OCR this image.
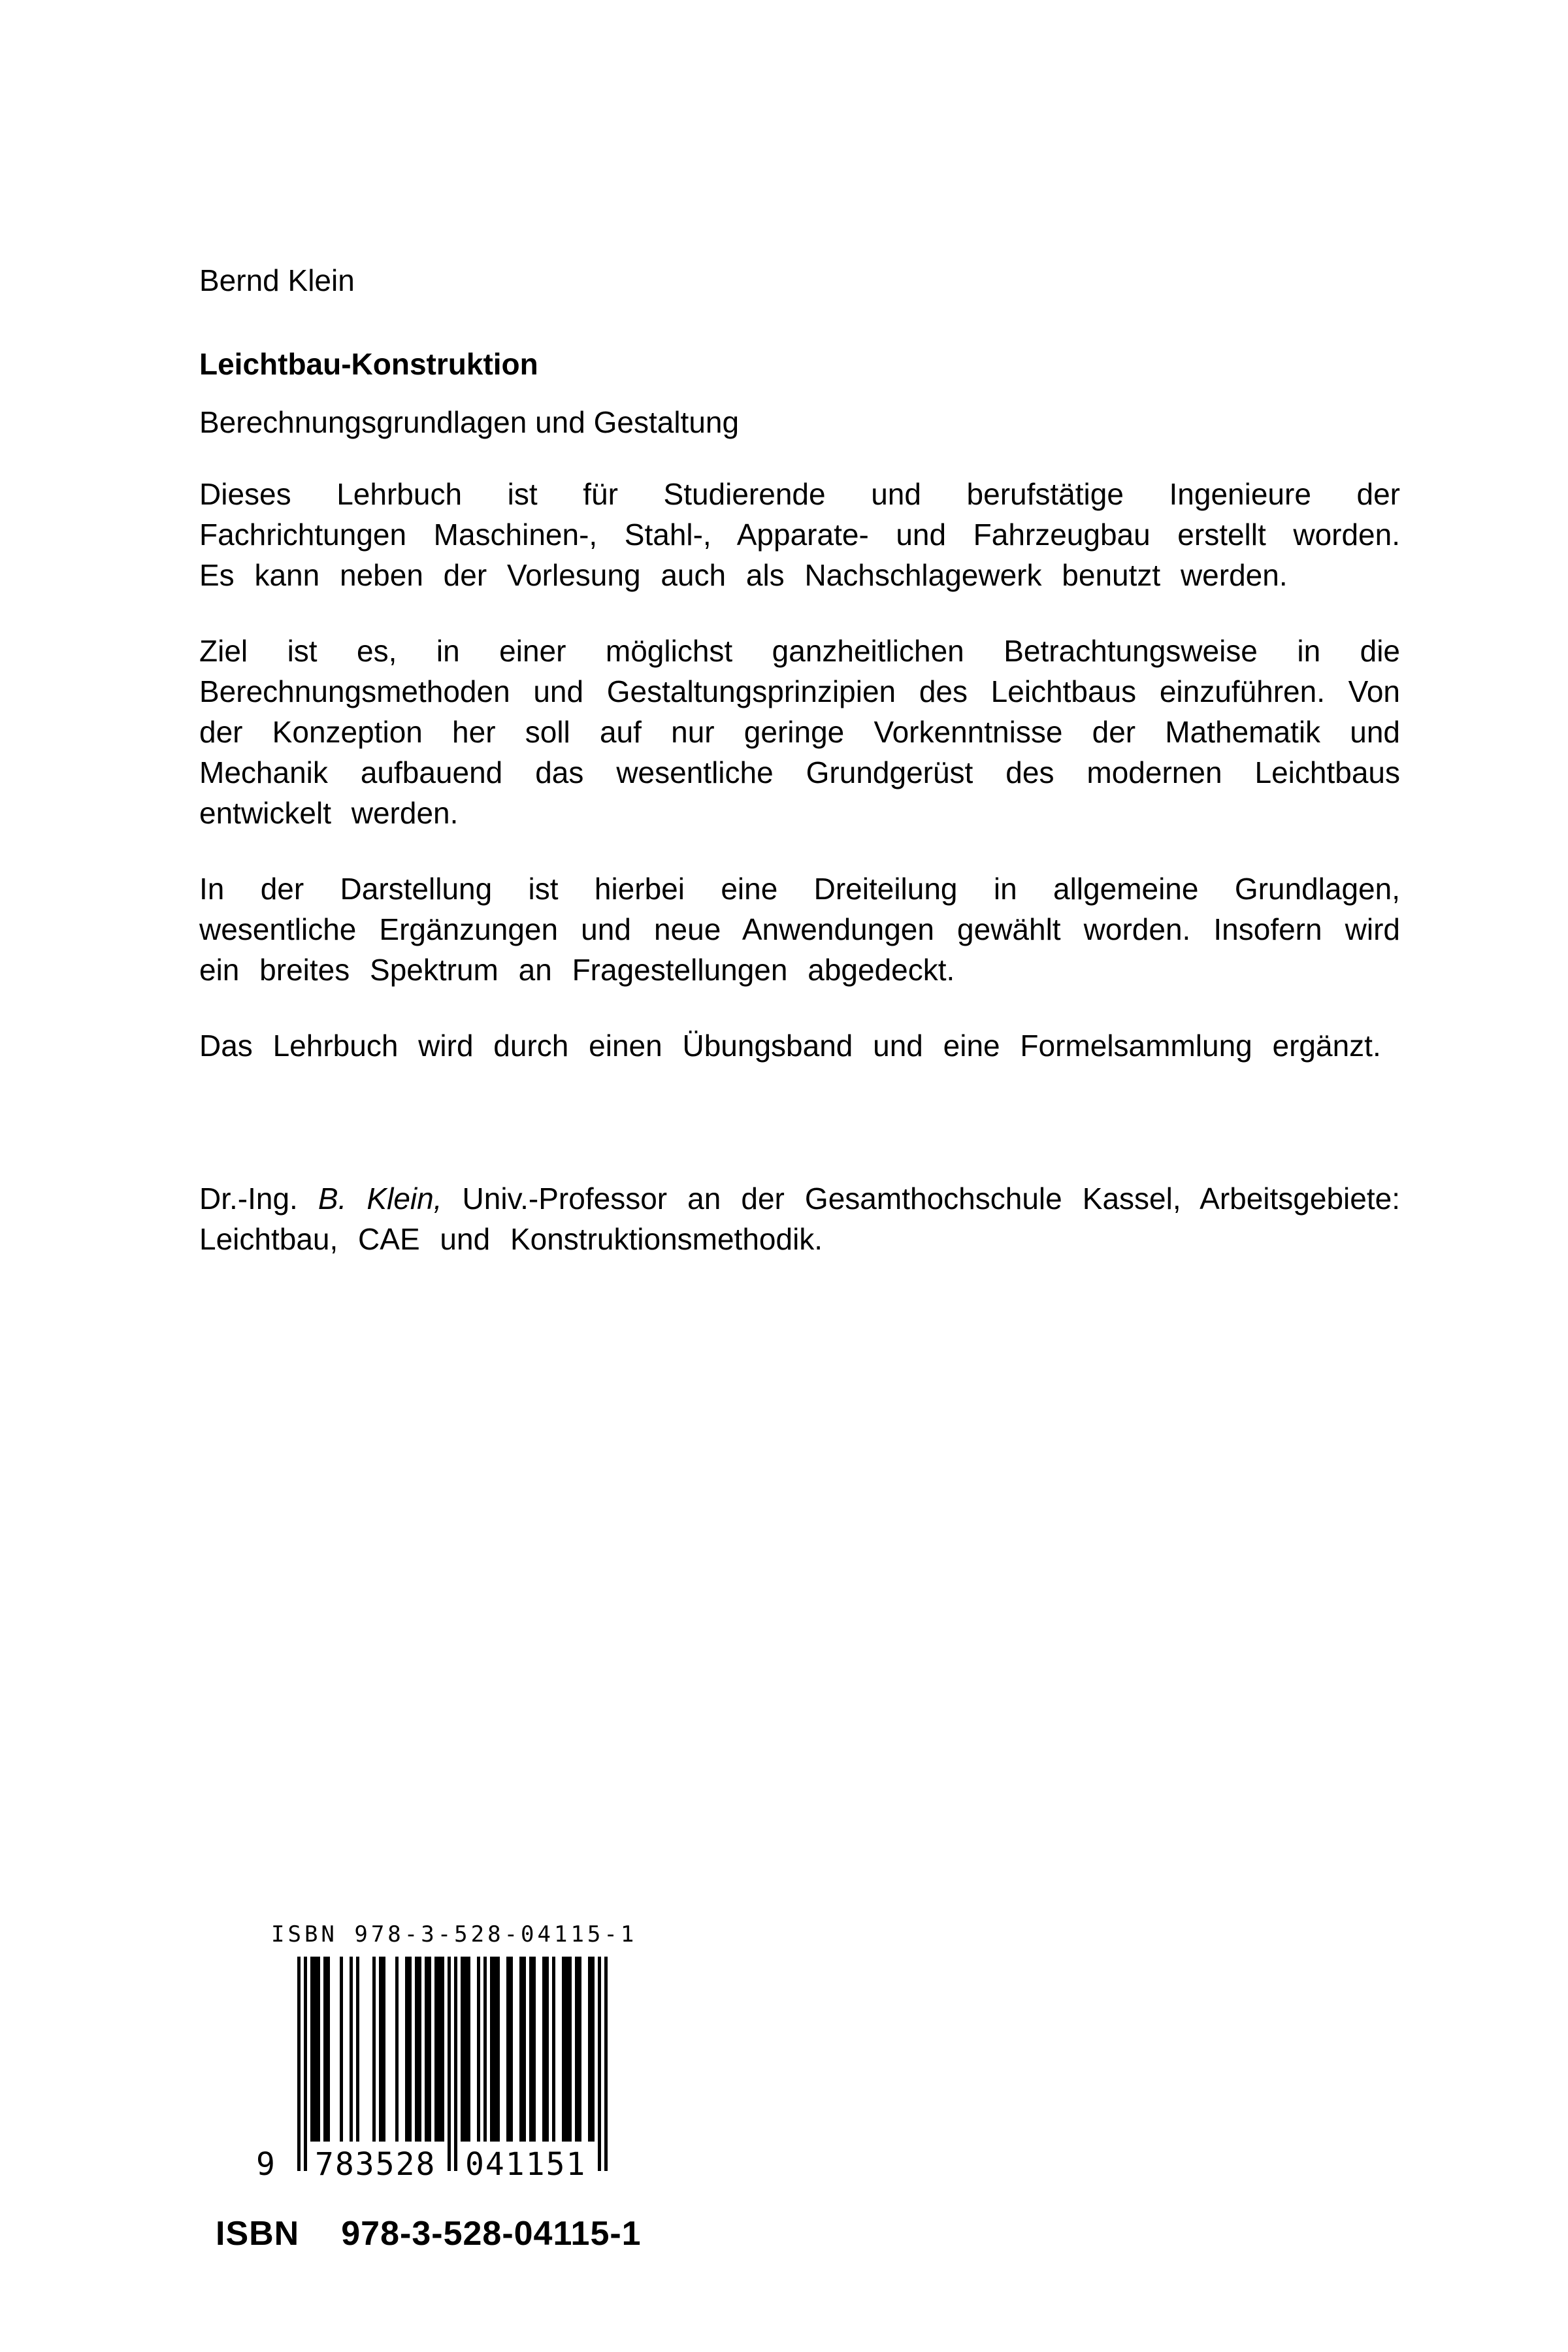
Bernd Klein

Leichtbau-Konstruktion

Berechnungsgrundlagen und Gestaltung

Dieses Lehrbuch ist für Studierende und berufstätige Ingenieure der Fachrichtungen Maschinen-, Stahl-, Apparate- und Fahrzeugbau erstellt worden. Es kann neben der Vorlesung auch als Nachschlagewerk benutzt werden.

Ziel ist es, in einer möglichst ganzheitlichen Betrachtungsweise in die Berechnungsmethoden und Gestaltungsprinzipien des Leichtbaus einzuführen. Von der Konzeption her soll auf nur geringe Vorkenntnisse der Mathematik und Mechanik aufbauend das wesentliche Grundgerüst des modernen Leichtbaus entwickelt werden.

In der Darstellung ist hierbei eine Dreiteilung in allgemeine Grundlagen, wesentliche Ergänzungen und neue Anwendungen gewählt worden. Insofern wird ein breites Spektrum an Fragestellungen abgedeckt.

Das Lehrbuch wird durch einen Übungsband und eine Formelsammlung ergänzt.

Dr.-Ing. B. Klein, Univ.-Professor an der Gesamthochschule Kassel, Arbeitsgebiete: Leichtbau, CAE und Konstruktionsmethodik.

ISBN 978-3-528-04115-1
9 783528 041151
ISBN 978-3-528-04115-1
